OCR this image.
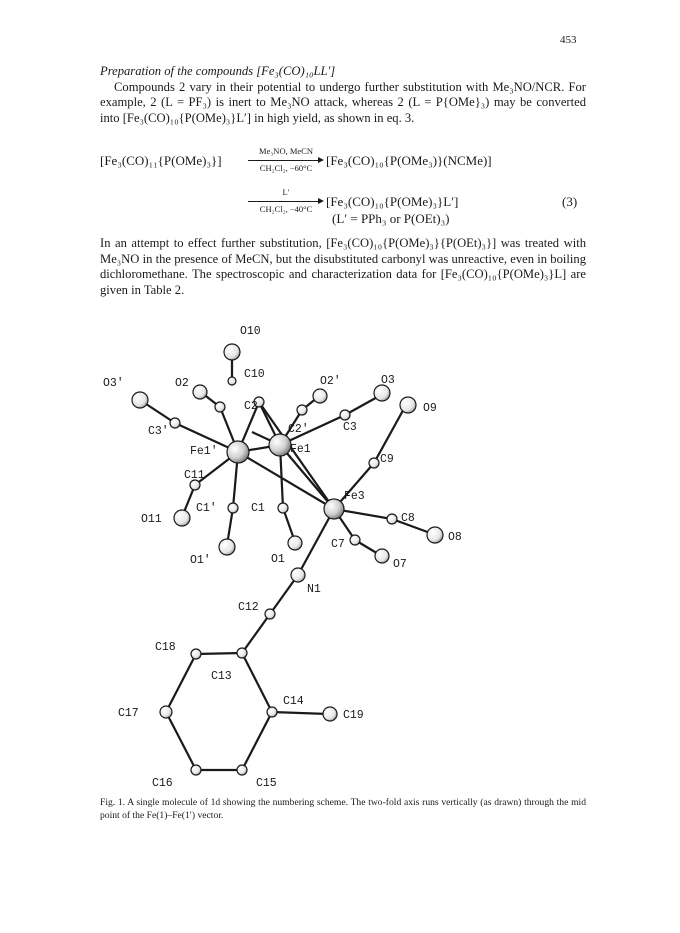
453
Preparation of the compounds [Fe₃(CO)₁₀LL′]
Compounds 2 vary in their potential to undergo further substitution with Me₃NO/NCR. For example, 2 (L = PF₃) is inert to Me₃NO attack, whereas 2 (L = P{OMe}₃) may be converted into [Fe₃(CO)₁₀{P(OMe)₃}L′] in high yield, as shown in eq. 3.
[Fe₃(CO)₁₁{P(OMe)₃}]
Me₃NO, MeCN
CH₂Cl₂, −60°C	[Fe₃(CO)₁₀{P(OMe₃)}(NCMe)]
L′
CH₂Cl₂, −40°C	[Fe₃(CO)₁₀{P(OMe)₃}L′]
(L′ = PPh₃ or P(OEt)₃)
(3)
In an attempt to effect further substitution, [Fe₃(CO)₁₀{P(OMe)₃}{P(OEt)₃}] was treated with Me₃NO in the presence of MeCN, but the disubstituted carbonyl was unreactive, even in boiling dichloromethane. The spectroscopic and characterization data for [Fe₃(CO)₁₀{P(OMe)₃}L] are given in Table 2.
O10
C10
O3′	O2	O2′	O3
C2	O9
C3′	C2′	C3
Fe1′	Fe1
C9
C11
Fe3
O11
C1′	C1
C8
O8
C7
O1′	O1	O7
N1
C12
C18
C13
C14
C17	C19
C16	C15
Fig. 1. A single molecule of 1d showing the numbering scheme. The two-fold axis runs vertically (as drawn) through the mid point of the Fe(1)–Fe(1′) vector.
